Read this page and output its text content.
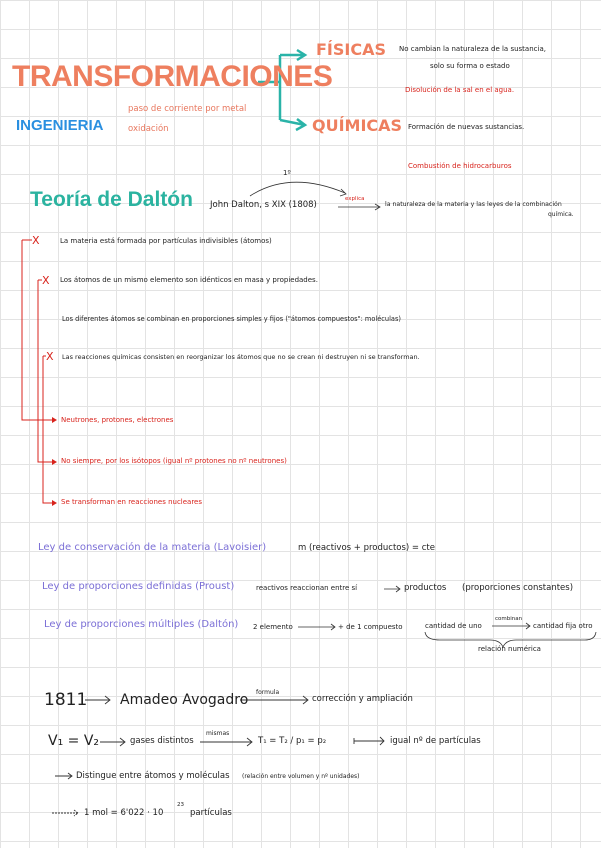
TRANSFORMACIONES
INGENIERIA
paso de corriente por metal
oxidación
FÍSICAS No cambian la naturaleza de la sustancia,
solo su forma o estado
Disolución de la sal en el agua.
QUÍMICAS Formación de nuevas sustancias.
Combustión de hidrocarburos
Teoría de Daltón John Dalton, s XIX (1808)
1º
explica
la naturaleza de la materia y las leyes de la combinación
química.
X	La materia está formada por partículas indivisibles (átomos)
X Los átomos de un mismo elemento son idénticos en masa y propiedades.
Los diferentes átomos se combinan en proporciones simples y fijos ("átomos compuestos": moléculas)
X Las reacciones químicas consisten en reorganizar los átomos que no se crean ni destruyen ni se transforman.
Neutrones, protones, electrones
No siempre, por los isótopos (igual nº protones no nº neutrones)
Se transforman en reacciones nucleares
Ley de conservación de la materia (Lavoisier)	m (reactivos + productos) = cte
Ley de proporciones definidas (Proust)	reactivos reaccionan entre sí	productos (proporciones constantes)
Ley de proporciones múltiples (Daltón) 2 elemento	+ de 1 compuesto	cantidad de uno
combinan
cantidad fija otro
relación numérica
1811 Amadeo Avogadro formula
corrección y ampliación
V₁ = V₂	gases distintos
mismas
T₁ = T₂ / p₁ = p₂	igual nº de partículas
Distingue entre átomos y moléculas (relación entre volumen y nº unidades)
1 mol = 6'022 · 10
23
partículas
